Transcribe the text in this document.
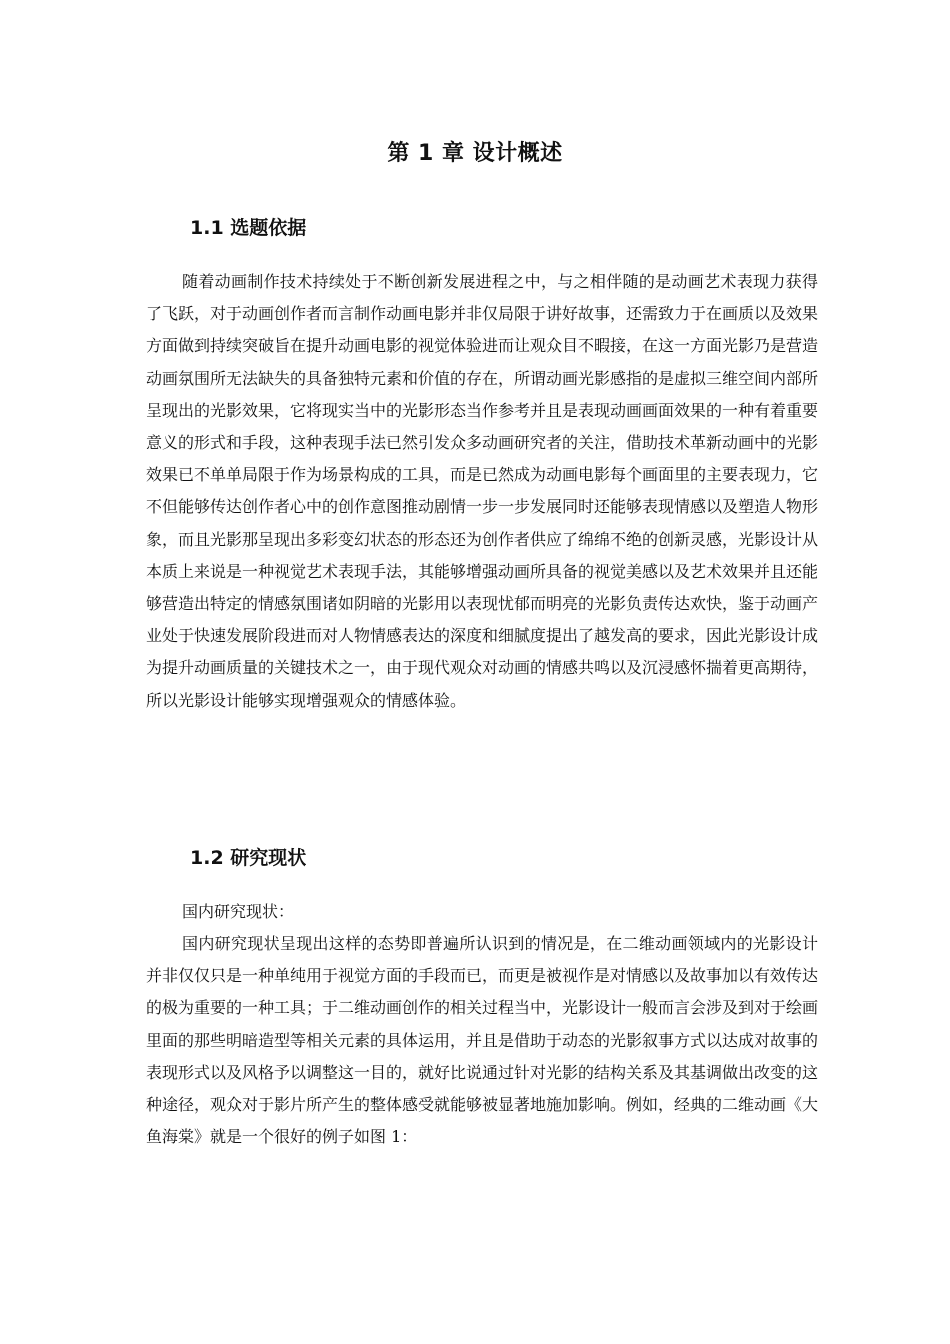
第 1 章 设计概述
1.1 选题依据

随着动画制作技术持续处于不断创新发展进程之中，与之相伴随的是动画艺术表现力获得了飞跃，对于动画创作者而言制作动画电影并非仅局限于讲好故事，还需致力于在画质以及效果方面做到持续突破旨在提升动画电影的视觉体验进而让观众目不暇接，在这一方面光影乃是营造动画氛围所无法缺失的具备独特元素和价值的存在，所谓动画光影感指的是虚拟三维空间内部所呈现出的光影效果，它将现实当中的光影形态当作参考并且是表现动画画面效果的一种有着重要意义的形式和手段，这种表现手法已然引发众多动画研究者的关注，借助技术革新动画中的光影效果已不单单局限于作为场景构成的工具，而是已然成为动画电影每个画面里的主要表现力，它不但能够传达创作者心中的创作意图推动剧情一步一步发展同时还能够表现情感以及塑造人物形象，而且光影那呈现出多彩变幻状态的形态还为创作者供应了绵绵不绝的创新灵感，光影设计从本质上来说是一种视觉艺术表现手法，其能够增强动画所具备的视觉美感以及艺术效果并且还能够营造出特定的情感氛围诸如阴暗的光影用以表现忧郁而明亮的光影负责传达欢快，鉴于动画产业处于快速发展阶段进而对人物情感表达的深度和细腻度提出了越发高的要求，因此光影设计成为提升动画质量的关键技术之一，由于现代观众对动画的情感共鸣以及沉浸感怀揣着更高期待，所以光影设计能够实现增强观众的情感体验。

1.2 研究现状

国内研究现状：

国内研究现状呈现出这样的态势即普遍所认识到的情况是，在二维动画领域内的光影设计并非仅仅只是一种单纯用于视觉方面的手段而已，而更是被视作是对情感以及故事加以有效传达的极为重要的一种工具；于二维动画创作的相关过程当中，光影设计一般而言会涉及到对于绘画里面的那些明暗造型等相关元素的具体运用，并且是借助于动态的光影叙事方式以达成对故事的表现形式以及风格予以调整这一目的，就好比说通过针对光影的结构关系及其基调做出改变的这种途径，观众对于影片所产生的整体感受就能够被显著地施加影响。例如，经典的二维动画《大鱼海棠》就是一个很好的例子如图 1：
